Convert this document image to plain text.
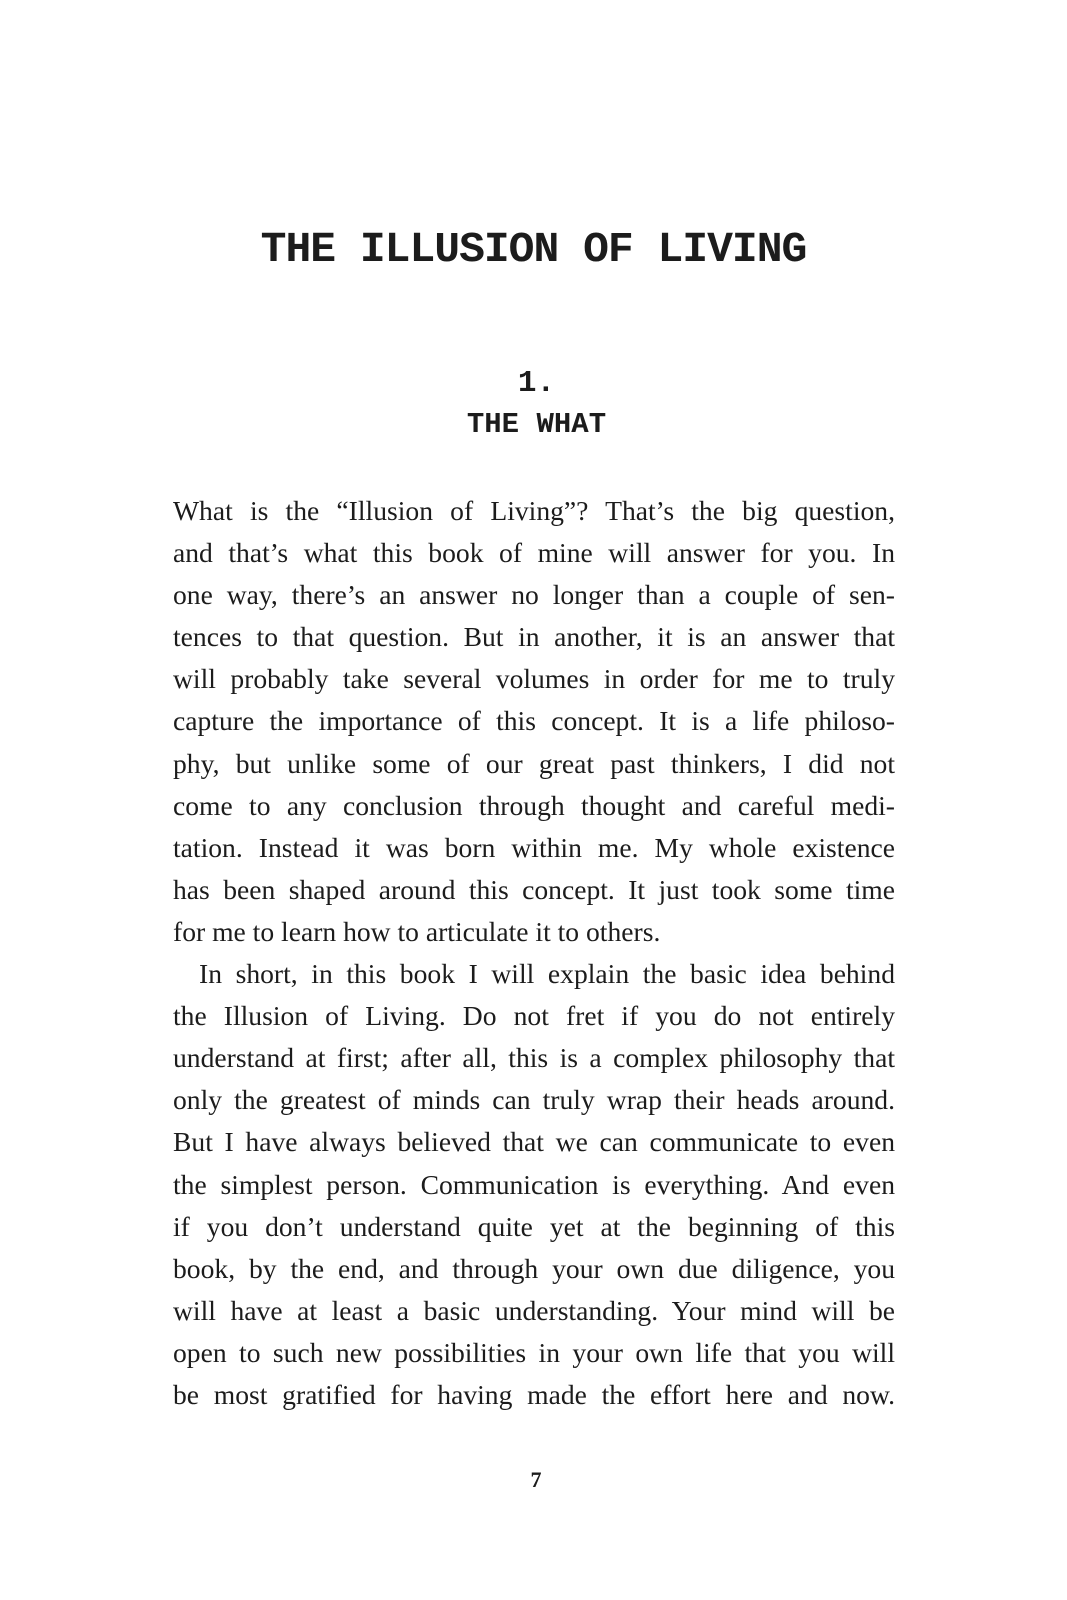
THE ILLUSION OF LIVING
1.
THE WHAT
What is the “Illusion of Living”? That’s the big question,
and that’s what this book of mine will answer for you. In
one way, there’s an answer no longer than a couple of sen-
tences to that question. But in another, it is an answer that
will probably take several volumes in order for me to truly
capture the importance of this concept. It is a life philoso-
phy, but unlike some of our great past thinkers, I did not
come to any conclusion through thought and careful medi-
tation. Instead it was born within me. My whole existence
has been shaped around this concept. It just took some time
for me to learn how to articulate it to others.
In short, in this book I will explain the basic idea behind
the Illusion of Living. Do not fret if you do not entirely
understand at first; after all, this is a complex philosophy that
only the greatest of minds can truly wrap their heads around.
But I have always believed that we can communicate to even
the simplest person. Communication is everything. And even
if you don’t understand quite yet at the beginning of this
book, by the end, and through your own due diligence, you
will have at least a basic understanding. Your mind will be
open to such new possibilities in your own life that you will
be most gratified for having made the effort here and now.
7
